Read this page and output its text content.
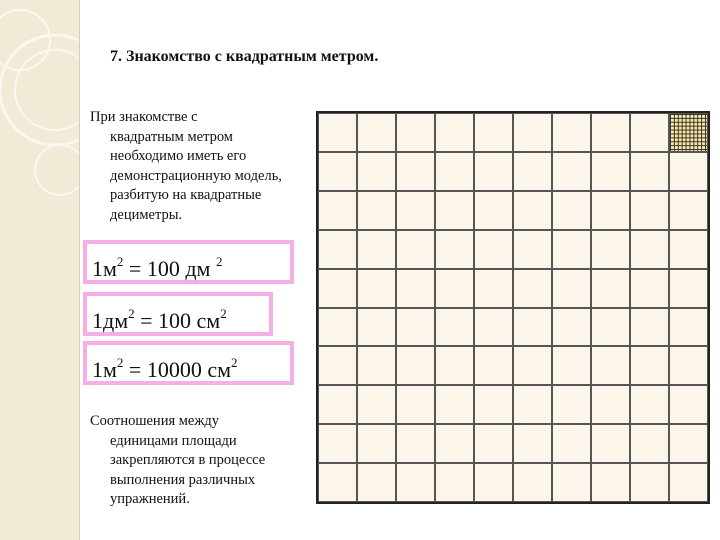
7. Знакомство с квадратным метром.
При знакомстве с
квадратным метром необходимо иметь его демонстрационную модель, разбитую на квадратные дециметры.
$1м^2 = 100$ дм $^2$
$1дм^2 = 100$ $см^2$
$1м^2 = 10000$ $см^2$
Соотношения между
единицами площади закрепляются в процессе выполнения различных упражнений.
